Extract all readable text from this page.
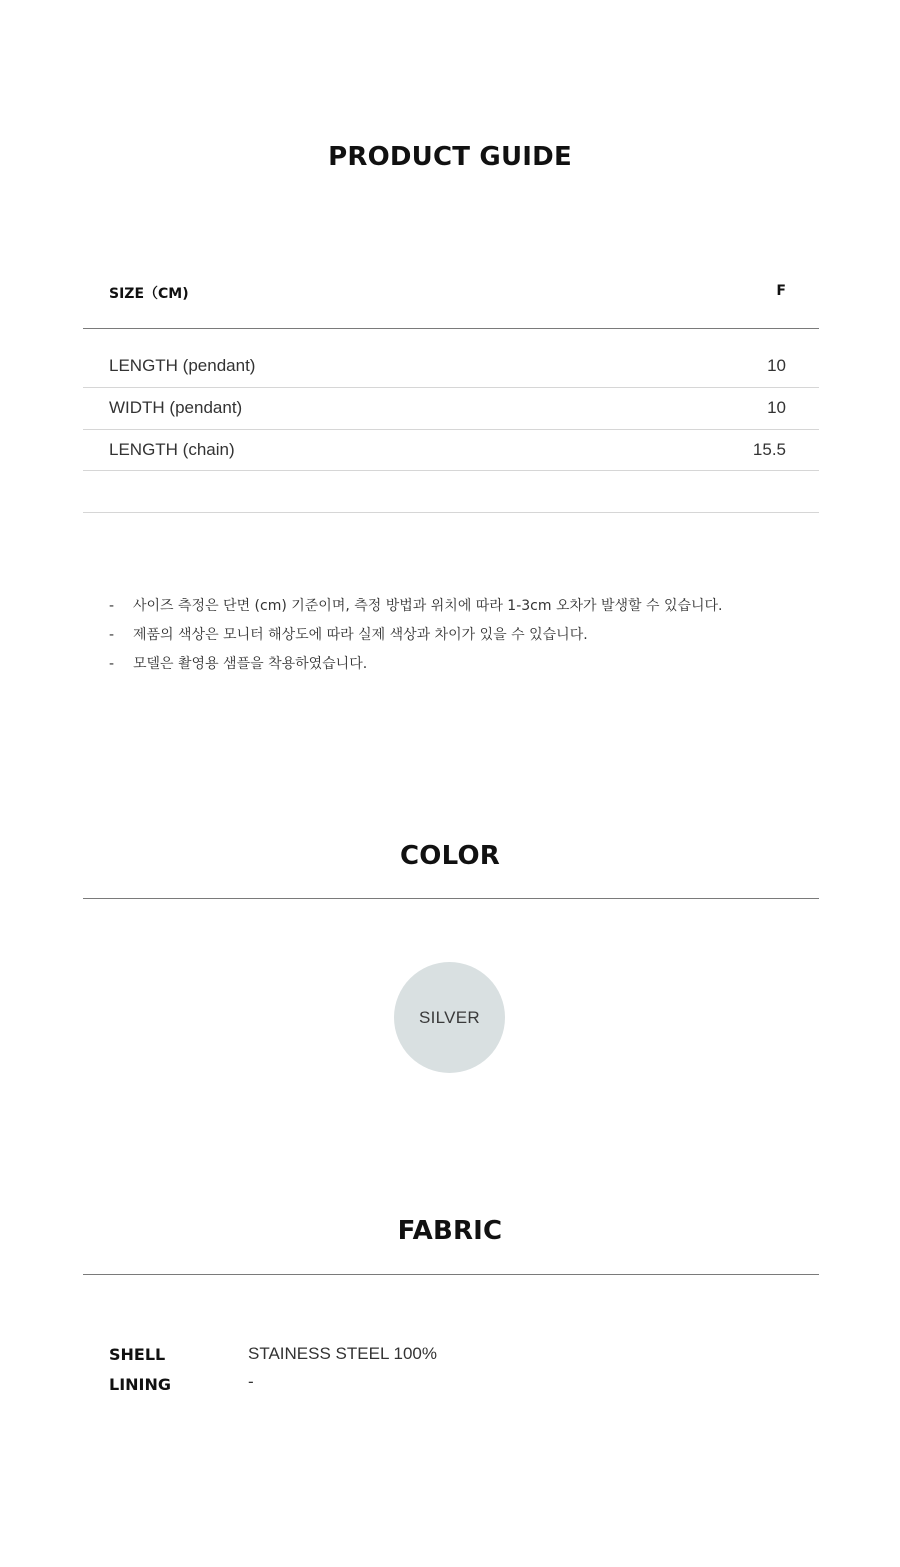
PRODUCT GUIDE
SIZE（CM)	F
LENGTH (pendant)	10
WIDTH (pendant)	10
LENGTH (chain)	15.5
- 사이즈 측정은 단면 (cm) 기준이며, 측정 방법과 위치에 따라 1-3cm 오차가 발생할 수 있습니다.
- 제품의 색상은 모니터 해상도에 따라 실제 색상과 차이가 있을 수 있습니다.
- 모델은 촬영용 샘플을 착용하였습니다.
COLOR
SILVER
FABRIC
SHELL	STAINESS STEEL 100%
LINING	-
